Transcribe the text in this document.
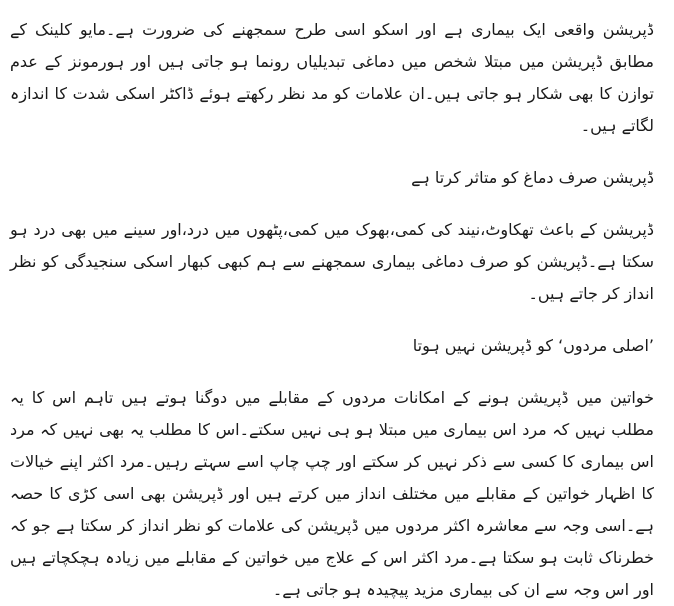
ڈپریشن واقعی ایک بیماری ہے اور اسکو اسی طرح سمجھنے کی ضرورت ہے۔مایو کلینک کے مطابق ڈپریشن میں مبتلا شخص میں دماغی تبدیلیاں رونما ہو جاتی ہیں اور ہورمونز کے عدم توازن کا بھی شکار ہو جاتی ہیں۔ان علامات کو مد نظر رکھتے ہوئے ڈاکٹر اسکی شدت کا اندازہ لگاتے ہیں۔

ڈپریشن صرف دماغ کو متاثر کرتا ہے

ڈپریشن کے باعث تھکاوٹ،نیند کی کمی،بھوک میں کمی،پٹھوں میں درد،اور سینے میں بھی درد ہو سکتا ہے۔ڈپریشن کو صرف دماغی بیماری سمجھنے سے ہم کبھی کبھار اسکی سنجیدگی کو نظر انداز کر جاتے ہیں۔

’اصلی مردوں‘ کو ڈپریشن نہیں ہوتا

خواتین میں ڈپریشن ہونے کے امکانات مردوں کے مقابلے میں دوگنا ہوتے ہیں تاہم اس کا یہ مطلب نہیں کہ مرد اس بیماری میں مبتلا ہو ہی نہیں سکتے۔اس کا مطلب یہ بھی نہیں کہ مرد اس بیماری کا کسی سے ذکر نہیں کر سکتے اور چپ چاپ اسے سہتے رہیں۔مرد اکثر اپنے خیالات کا اظہار خواتین کے مقابلے میں مختلف انداز میں کرتے ہیں اور ڈپریشن بھی اسی کڑی کا حصہ ہے۔اسی وجہ سے معاشرہ اکثر مردوں میں ڈپریشن کی علامات کو نظر انداز کر سکتا ہے جو کہ خطرناک ثابت ہو سکتا ہے۔مرد اکثر اس کے علاج میں خواتین کے مقابلے میں زیادہ ہچکچاتے ہیں اور اس وجہ سے ان کی بیماری مزید پیچیدہ ہو جاتی ہے۔
